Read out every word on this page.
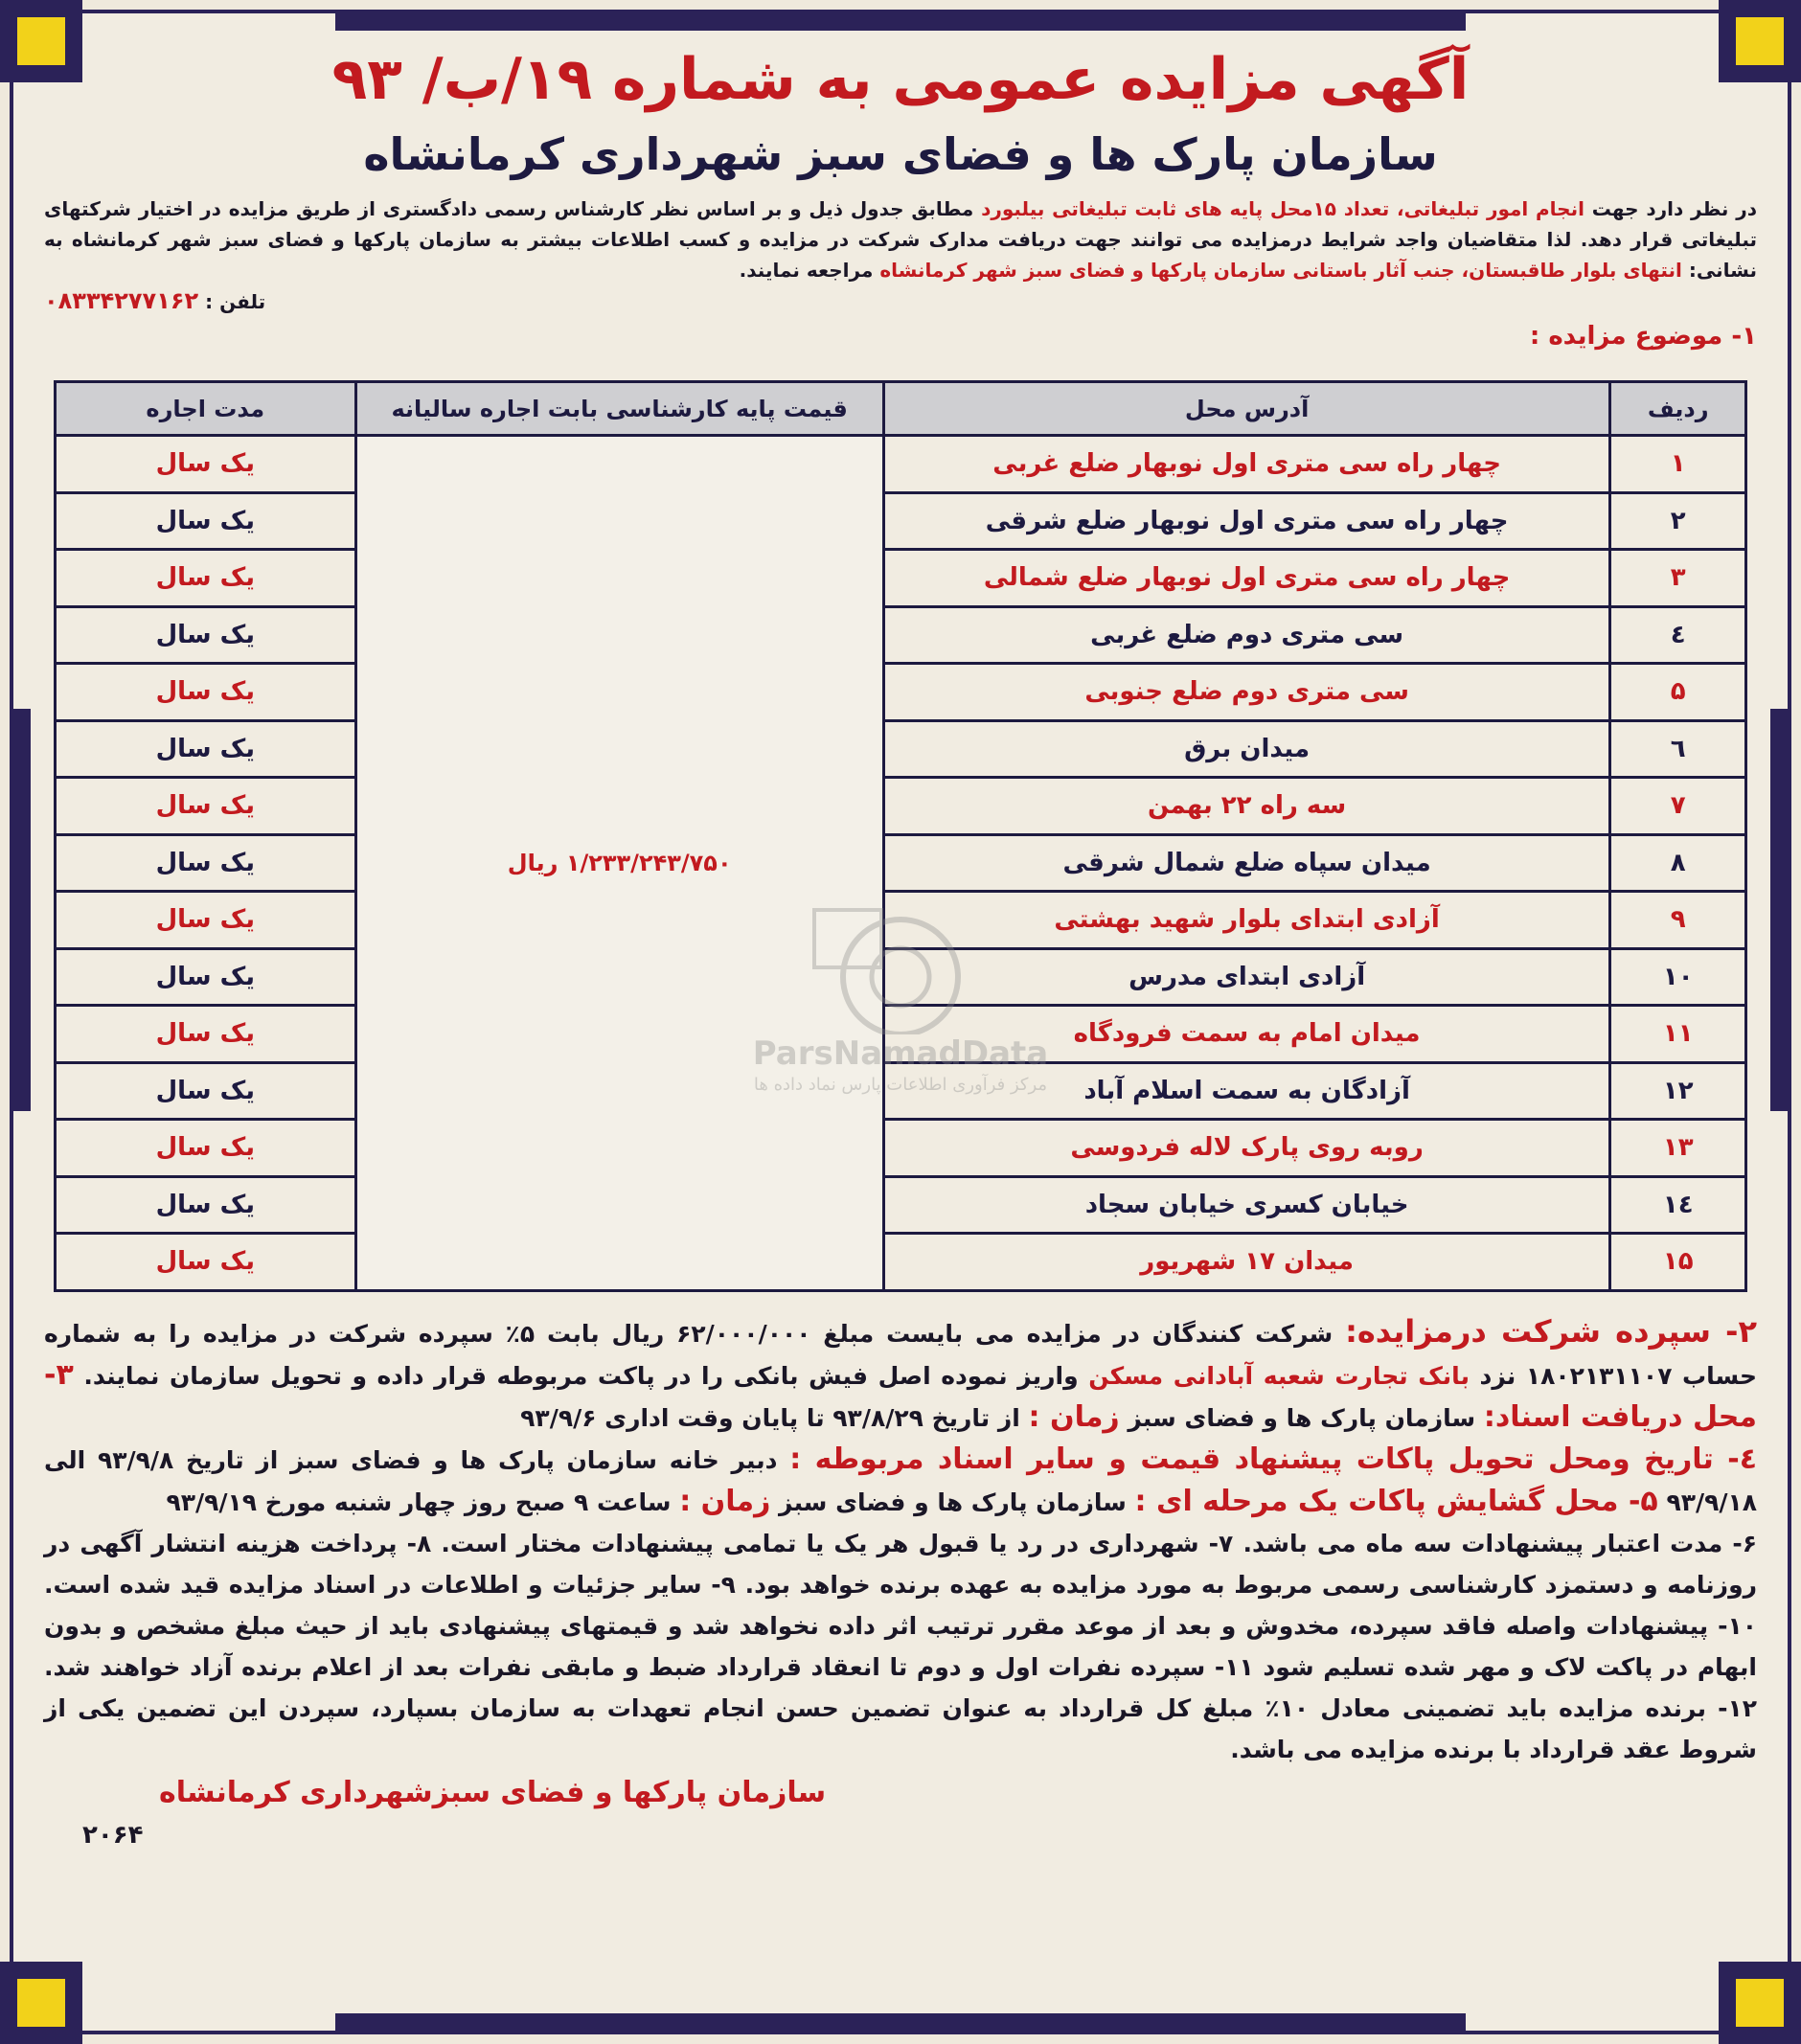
آگهی مزایده عمومی به شماره ۱۹/ب/ ۹۳
سازمان پارک ها و فضای سبز شهرداری کرمانشاه
در نظر دارد جهت انجام امور تبلیغاتی، تعداد ۱۵محل پایه های ثابت تبلیغاتی بیلبورد مطابق جدول ذیل و بر اساس نظر کارشناس رسمی دادگستری از طریق مزایده در اختیار شرکتهای تبلیغاتی قرار دهد. لذا متقاضیان واجد شرایط درمزایده می توانند جهت دریافت مدارک شرکت در مزایده و کسب اطلاعات بیشتر به سازمان پارکها و فضای سبز شهر کرمانشاه به نشانی: انتهای بلوار طاقبستان، جنب آثار باستانی سازمان پارکها و فضای سبز شهر کرمانشاه مراجعه نمایند.
تلفن : ۰۸۳۳۴۲۷۷۱۶۲
۱- موضوع مزایده :
ردیف	آدرس محل	قیمت پایه کارشناسی بابت اجاره سالیانه	مدت اجاره
۱	چهار راه سی متری اول نوبهار ضلع غربی	۱/۲۳۳/۲۴۳/۷۵۰ ریال	یک سال
۲	چهار راه سی متری اول نوبهار ضلع شرقی		یک سال
۳	چهار راه سی متری اول نوبهار ضلع شمالی		یک سال
٤	سی متری دوم ضلع غربی		یک سال
۵	سی متری دوم ضلع جنوبی		یک سال
٦	میدان برق		یک سال
۷	سه راه ۲۲ بهمن		یک سال
۸	میدان سپاه ضلع شمال شرقی		یک سال
۹	آزادی ابتدای بلوار شهید بهشتی		یک سال
۱۰	آزادی ابتدای مدرس		یک سال
۱۱	میدان امام به سمت فرودگاه		یک سال
۱۲	آزادگان به سمت اسلام آباد		یک سال
۱۳	روبه روی پارک لاله فردوسی		یک سال
۱٤	خیابان کسری خیابان سجاد		یک سال
۱۵	میدان ۱۷ شهریور		یک سال
۲- سپرده شرکت درمزایده: شرکت کنندگان در مزایده می بایست مبلغ ۶۲/۰۰۰/۰۰۰ ریال بابت ۵٪ سپرده شرکت در مزایده را به شماره حساب ۱۸۰۲۱۳۱۱۰۷ نزد بانک تجارت شعبه آبادانی مسکن واریز نموده اصل فیش بانکی را در پاکت مربوطه قرار داده و تحویل سازمان نمایند. ۳- محل دریافت اسناد: سازمان پارک ها و فضای سبز زمان : از تاریخ ۹۳/۸/۲۹ تا پایان وقت اداری ۹۳/۹/۶
٤- تاریخ ومحل تحویل پاکات پیشنهاد قیمت و سایر اسناد مربوطه : دبیر خانه سازمان پارک ها و فضای سبز از تاریخ ۹۳/۹/۸ الی ۹۳/۹/۱۸ ۵- محل گشایش پاکات یک مرحله ای : سازمان پارک ها و فضای سبز زمان : ساعت ۹ صبح روز چهار شنبه مورخ ۹۳/۹/۱۹
۶- مدت اعتبار پیشنهادات سه ماه می باشد. ۷- شهرداری در رد یا قبول هر یک یا تمامی پیشنهادات مختار است. ۸- پرداخت هزینه انتشار آگهی در روزنامه و دستمزد کارشناسی رسمی مربوط به مورد مزایده به عهده برنده خواهد بود. ۹- سایر جزئیات و اطلاعات در اسناد مزایده قید شده است. ۱۰- پیشنهادات واصله فاقد سپرده، مخدوش و بعد از موعد مقرر ترتیب اثر داده نخواهد شد و قیمتهای پیشنهادی باید از حیث مبلغ مشخص و بدون ابهام در پاکت لاک و مهر شده تسلیم شود ۱۱- سپرده نفرات اول و دوم تا انعقاد قرارداد ضبط و مابقی نفرات بعد از اعلام برنده آزاد خواهند شد. ۱۲- برنده مزایده باید تضمینی معادل ۱۰٪ مبلغ کل قرارداد به عنوان تضمین حسن انجام تعهدات به سازمان بسپارد، سپردن این تضمین یکی از شروط عقد قرارداد با برنده مزایده می باشد.
سازمان پارکها و فضای سبزشهرداری کرمانشاه
۲۰۶۴
ParsNamadData
مرکز فرآوری اطلاعات پارس نماد داده ها
